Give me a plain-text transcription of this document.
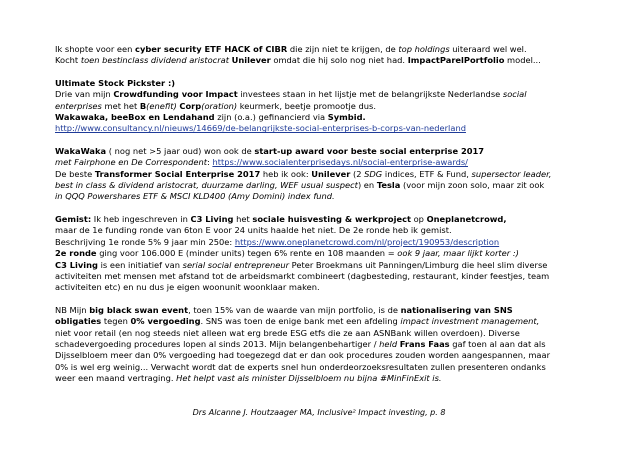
Ik shopte voor een cyber security ETF HACK of CIBR die zijn niet te krijgen, de top holdings uiteraard wel wel.

Kocht toen bestinclass dividend aristocrat Unilever omdat die hij solo nog niet had. ImpactParelPortfolio model...

Ultimate Stock Pickster :)

Drie van mijn Crowdfunding voor Impact investees staan in het lijstje met de belangrijkste Nederlandse social

enterprises met het B(enefit) Corp(oration) keurmerk, beetje promootje dus.

Wakawaka, beeBox en Lendahand zijn (o.a.) gefinancierd via Symbid.

http://www.consultancy.nl/nieuws/14669/de-belangrijkste-social-enterprises-b-corps-van-nederland

WakaWaka ( nog net >5 jaar oud) won ook de start-up award voor beste social enterprise 2017

met Fairphone en De Correspondent: https://www.socialenterprisedays.nl/social-enterprise-awards/

De beste Transformer Social Enterprise 2017 heb ik ook: Unilever (2 SDG indices, ETF & Fund, supersector leader,

best in class & dividend aristocrat, duurzame darling, WEF usual suspect) en Tesla (voor mijn zoon solo, maar zit ook

in QQQ Powershares ETF & MSCI KLD400 (Amy Domini) index fund.

Gemist: Ik heb ingeschreven in C3 Living het sociale huisvesting & werkproject op Oneplanetcrowd,

maar de 1e funding ronde van 6ton E voor 24 units haalde het niet. De 2e ronde heb ik gemist.

Beschrijving 1e ronde 5% 9 jaar min 250e: https://www.oneplanetcrowd.com/nl/project/190953/description

2e ronde ging voor 106.000 E (minder units) tegen 6% rente en 108 maanden = ook 9 jaar, maar lijkt korter :)

C3 Living is een initiatief van serial social entrepreneur Peter Broekmans uit Panningen/Limburg die heel slim diverse

activiteiten met mensen met afstand tot de arbeidsmarkt combineert (dagbesteding, restaurant, kinder feestjes, team

activiteiten etc) en nu dus je eigen woonunit woonklaar maken.

NB Mijn big black swan event, toen 15% van de waarde van mijn portfolio, is de nationalisering van SNS

obligaties tegen 0% vergoeding. SNS was toen de enige bank met een afdeling impact investment management,

niet voor retail (en nog steeds niet alleen wat erg brede ESG etfs die ze aan ASNBank willen overdoen). Diverse

schadevergoeding procedures lopen al sinds 2013. Mijn belangenbehartiger / held Frans Faas gaf toen al aan dat als

Dijsselbloem meer dan 0% vergoeding had toegezegd dat er dan ook procedures zouden worden aangespannen, maar

0% is wel erg weinig... Verwacht wordt dat de experts snel hun onderdeorzoeksresultaten zullen presenteren ondanks

weer een maand vertraging. Het helpt vast als minister Dijsselbloem nu bijna #MinFinExit is.

Drs Alcanne J. Houtzaager MA, Inclusive² Impact investing, p. 8
